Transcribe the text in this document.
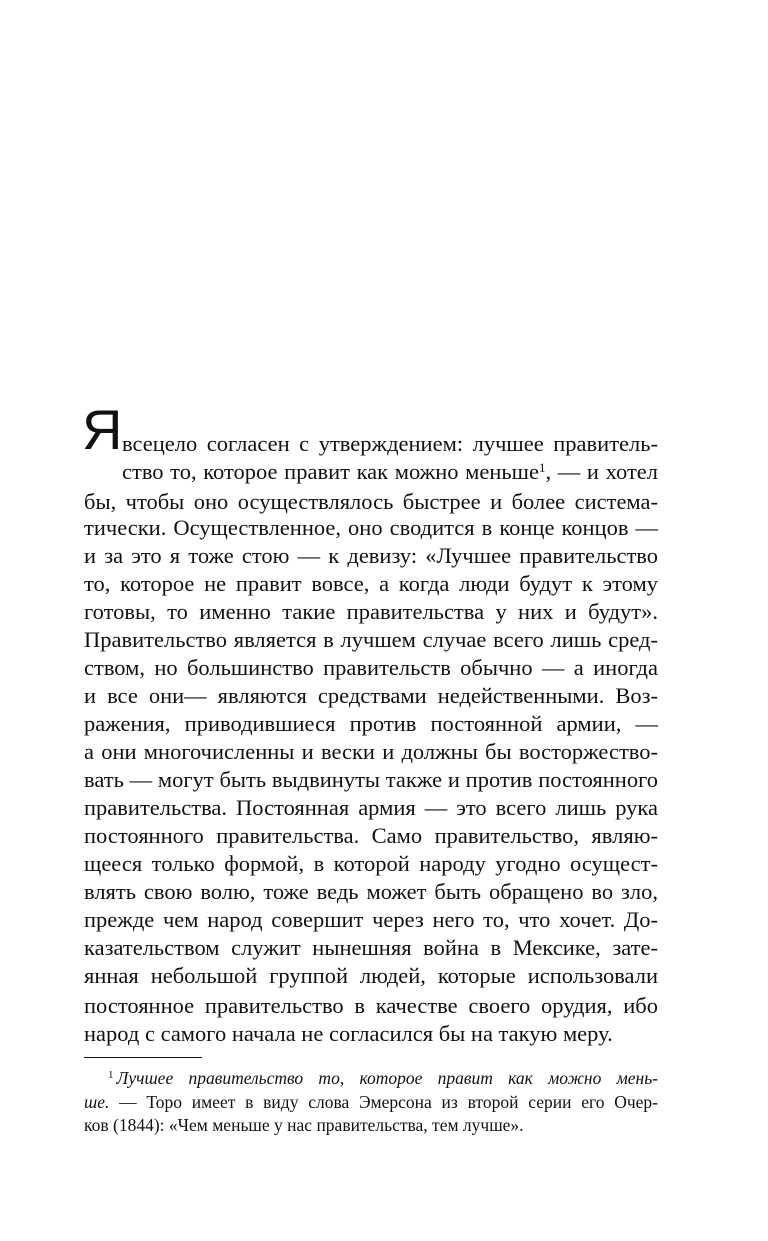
Я всецело согласен с утверждением: лучшее правитель-
ство то, которое правит как можно меньше$^1$, — и хотел
бы, чтобы оно осуществлялось быстрее и более система-
тически. Осуществленное, оно сводится в конце концов —
и за это я тоже стою — к девизу: «Лучшее правительство
то, которое не правит вовсе, а когда люди будут к этому
готовы, то именно такие правительства у них и будут».
Правительство является в лучшем случае всего лишь сред-
ством, но большинство правительств обычно — а иногда
и все они— являются средствами недейственными. Воз-
ражения, приводившиеся против постоянной армии, —
а они многочисленны и вески и должны бы восторжество-
вать — могут быть выдвинуты также и против постоянного
правительства. Постоянная армия — это всего лишь рука
постоянного правительства. Само правительство, являю-
щееся только формой, в которой народу угодно осущест-
влять свою волю, тоже ведь может быть обращено во зло,
прежде чем народ совершит через него то, что хочет. До-
казательством служит нынешняя война в Мексике, зате-
янная небольшой группой людей, которые использовали
постоянное правительство в качестве своего орудия, ибо
народ с самого начала не согласился бы на такую меру.
$^1$ Лучшее правительство то, которое правит как можно мень-
ше. — Торо имеет в виду слова Эмерсона из второй серии его Очер-
ков (1844): «Чем меньше у нас правительства, тем лучше».
